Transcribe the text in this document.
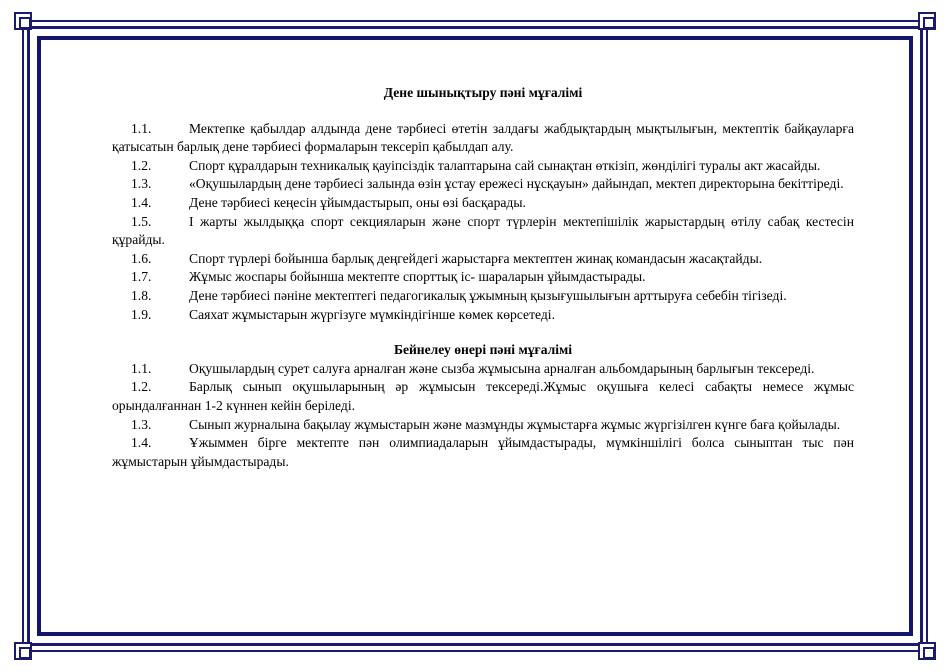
Дене шынықтыру пәні мұғалімі

1.1.	Мектепке қабылдар алдында дене тәрбиесі өтетін залдағы жабдықтардың мықтылығын, мектептік байқауларға қатысатын барлық дене тәрбиесі формаларын тексеріп қабылдап алу.

1.2.	Спорт құралдарын техникалық қауіпсіздік талаптарына сай сынақтан өткізіп, жөнділігі туралы акт жасайды.

1.3.	«Оқушылардың дене тәрбиесі залында өзін ұстау ережесі нұсқауын» дайындап, мектеп директорына бекіттіреді.

1.4.	Дене тәрбиесі кеңесін ұйымдастырып, оны өзі басқарады.

1.5.	І жарты жылдыққа спорт секцияларын және спорт түрлерін мектепішілік жарыстардың өтілу сабақ кестесін құрайды.

1.6.	Спорт түрлері бойынша барлық деңгейдегі жарыстарға мектептен жинақ командасын жасақтайды.

1.7.	Жұмыс жоспары бойынша мектепте спорттық іс- шараларын ұйымдастырады.

1.8.	Дене тәрбиесі пәніне мектептегі педагогикалық ұжымның қызығушылығын арттыруға себебін тігізеді.

1.9.	Саяхат жұмыстарын жүргізуге мүмкіндігінше көмек көрсетеді.

Бейнелеу өнері пәні мұғалімі

1.1.	Оқушылардың сурет салуға арналған және сызба жұмысына арналған альбомдарының барлығын тексереді.

1.2.	Барлық сынып оқушыларының әр жұмысын тексереді.Жұмыс оқушыға келесі сабақты немесе жұмыс орындалғаннан 1-2 күннен кейін беріледі.

1.3.	Сынып журналына бақылау жұмыстарын және мазмұнды жұмыстарға жұмыс жүргізілген күнге баға қойылады.

1.4.	Ұжыммен бірге мектепте пән олимпиадаларын ұйымдастырады, мүмкіншілігі болса сыныптан тыс пән жұмыстарын ұйымдастырады.
